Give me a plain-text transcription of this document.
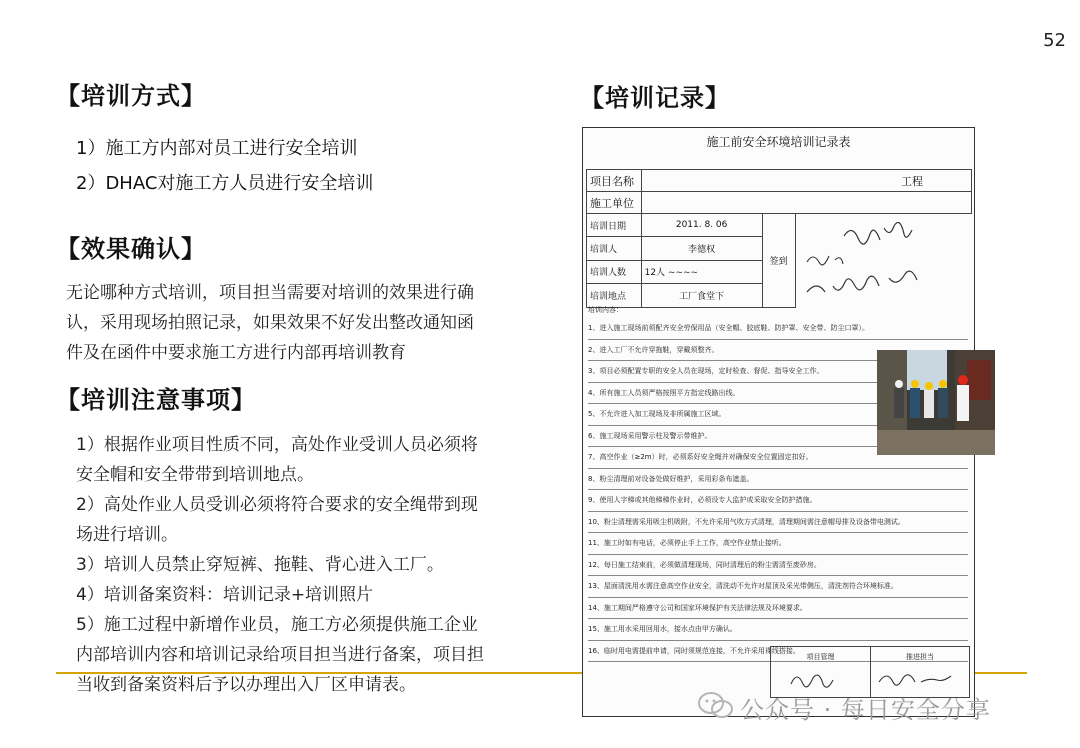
52
【培训方式】
1）施工方内部对员工进行安全培训
2）DHAC对施工方人员进行安全培训
【效果确认】
无论哪种方式培训，项目担当需要对培训的效果进行确
认，采用现场拍照记录，如果效果不好发出整改通知函
件及在函件中要求施工方进行内部再培训教育
【培训注意事项】
1）根据作业项目性质不同，高处作业受训人员必须将
安全帽和安全带带到培训地点。
2）高处作业人员受训必须将符合要求的安全绳带到现
场进行培训。
3）培训人员禁止穿短裤、拖鞋、背心进入工厂。
4）培训备案资料：培训记录+培训照片
5）施工过程中新增作业员，施工方必须提供施工企业
内部培训内容和培训记录给项目担当进行备案，项目担
当收到备案资料后予以办理出入厂区申请表。
【培训记录】
施工前安全环境培训记录表
项目名称	工程		
施工单位			
培训日期	2011. 8. 06	签到	
培训人	李德权		
培训人数	12人 ~~~~		
培训地点	工厂食堂下		
培训内容：
1、进入施工现场前须配齐安全劳保用品（安全帽、胶底鞋、防护罩、安全带、防尘口罩）。
2、进入工厂不允许穿拖鞋，穿戴须整齐。
3、项目必须配置专职的安全人员在现场，定时检查、督促、指导安全工作。
4、所有施工人员须严格按照平方指定线路出线。
5、不允许进入加工现场及非所属施工区域。
6、施工现场采用警示柱及警示带维护。
7、高空作业（≥2m）时，必须系好安全绳并对确保安全位置固定扣好。
8、粉尘清理前对设备处做好维护，采用彩条布遮盖。
9、使用人字梯或其他梯梯作业时，必须设专人监护或采取安全防护措施。
10、粉尘清理需采用吸尘机吸附，不允许采用气吹方式清理，清理期间需注意帽母排及设备带电测试。
11、施工时如有电话，必须停止手上工作，高空作业禁止接听。
12、每日施工结束前，必须做清理现场，同时清理后的粉尘需清至废砂房。
13、屋面清洗用水需注意高空作业安全，清洗动不允许对屋顶及采光带侧压，清洗剂符合环境标准。
14、施工期间严格遵守公司和国家环境保护有关法律法规及环境要求。
15、施工用水采用回用水，接水点由甲方确认。
16、临时用电需提前申请，同时须规范连接，不允许采用裸线搭接。
项目管理	推进担当
公众号 · 每日安全分享
